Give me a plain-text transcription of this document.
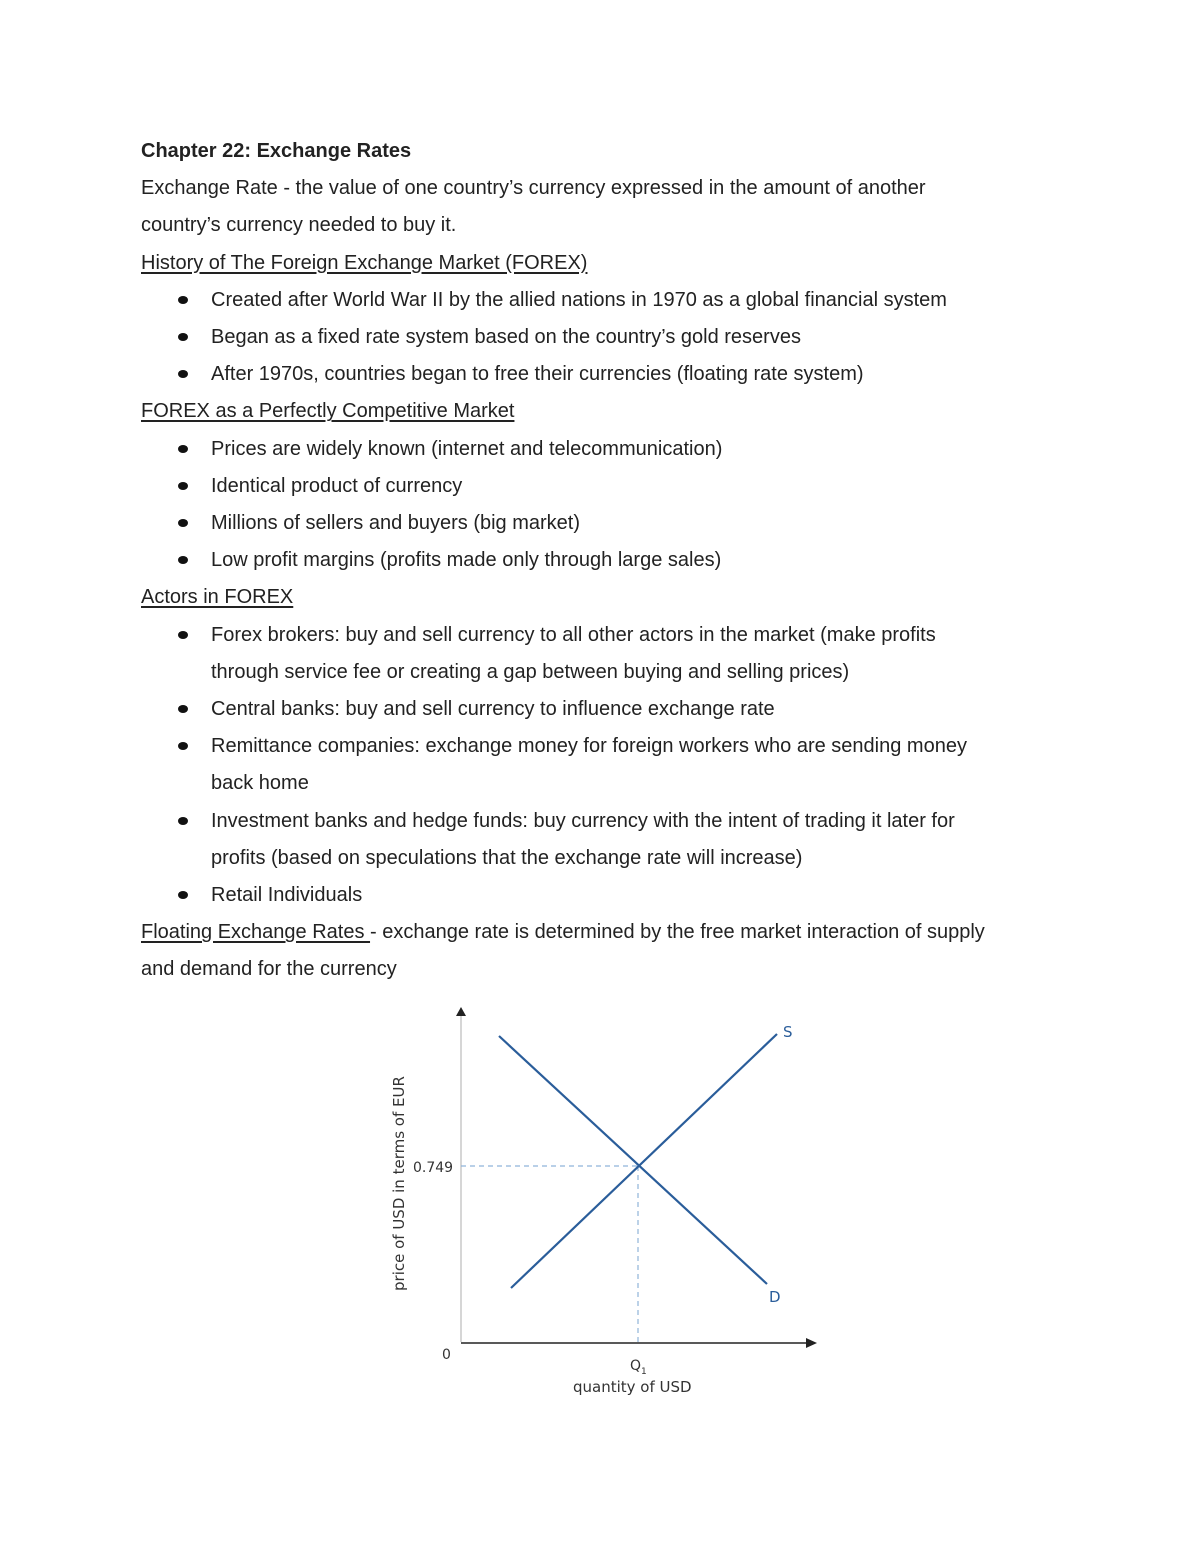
Chapter 22: Exchange Rates
Exchange Rate - the value of one country’s currency expressed in the amount of another
country’s currency needed to buy it.
History of The Foreign Exchange Market (FOREX)
Created after World War II by the allied nations in 1970 as a global financial system
Began as a fixed rate system based on the country’s gold reserves
After 1970s, countries began to free their currencies (floating rate system)
FOREX as a Perfectly Competitive Market
Prices are widely known (internet and telecommunication)
Identical product of currency
Millions of sellers and buyers (big market)
Low profit margins (profits made only through large sales)
Actors in FOREX
Forex brokers: buy and sell currency to all other actors in the market (make profits
through service fee or creating a gap between buying and selling prices)
Central banks: buy and sell currency to influence exchange rate
Remittance companies: exchange money for foreign workers who are sending money
back home
Investment banks and hedge funds: buy currency with the intent of trading it later for
profits (based on speculations that the exchange rate will increase)
Retail Individuals
Floating Exchange Rates - exchange rate is determined by the free market interaction of supply
and demand for the currency
S
D
0.749
0
$Q_1$
quantity of USD
price of USD in terms of EUR
